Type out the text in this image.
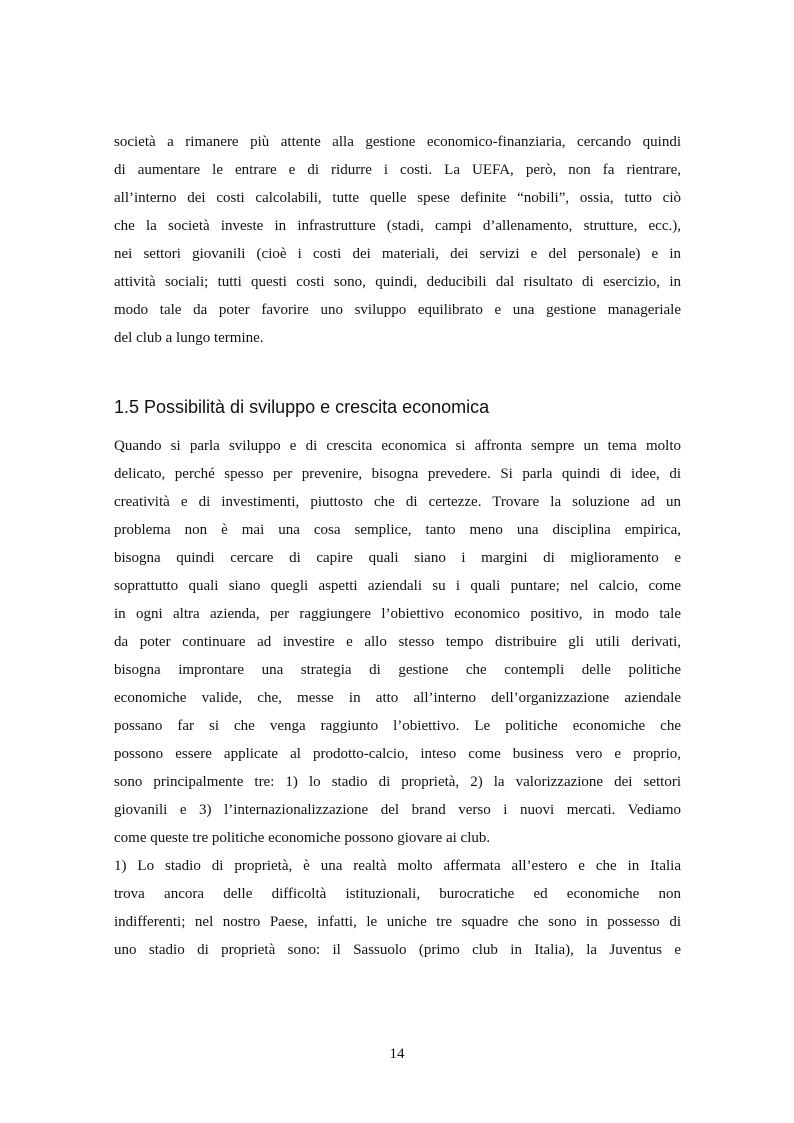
società a rimanere più attente alla gestione economico-finanziaria, cercando quindi
di aumentare le entrare e di ridurre i costi. La UEFA, però, non fa rientrare,
all’interno dei costi calcolabili, tutte quelle spese definite “nobili”, ossia, tutto ciò
che la società investe in infrastrutture (stadi, campi d’allenamento, strutture, ecc.),
nei settori giovanili (cioè i costi dei materiali, dei servizi e del personale) e in
attività sociali; tutti questi costi sono, quindi, deducibili dal risultato di esercizio, in
modo tale da poter favorire uno sviluppo equilibrato e una gestione manageriale
del club a lungo termine.

1.5 Possibilità di sviluppo e crescita economica

Quando si parla sviluppo e di crescita economica si affronta sempre un tema molto
delicato, perché spesso per prevenire, bisogna prevedere. Si parla quindi di idee, di
creatività e di investimenti, piuttosto che di certezze. Trovare la soluzione ad un
problema non è mai una cosa semplice, tanto meno una disciplina empirica,
bisogna quindi cercare di capire quali siano i margini di miglioramento e
soprattutto quali siano quegli aspetti aziendali su i quali puntare; nel calcio, come
in ogni altra azienda, per raggiungere l’obiettivo economico positivo, in modo tale
da poter continuare ad investire e allo stesso tempo distribuire gli utili derivati,
bisogna improntare una strategia di gestione che contempli delle politiche
economiche valide, che, messe in atto all’interno dell’organizzazione aziendale
possano far si che venga raggiunto l’obiettivo. Le politiche economiche che
possono essere applicate al prodotto-calcio, inteso come business vero e proprio,
sono principalmente tre: 1) lo stadio di proprietà, 2) la valorizzazione dei settori
giovanili e 3) l’internazionalizzazione del brand verso i nuovi mercati. Vediamo
come queste tre politiche economiche possono giovare ai club.

1) Lo stadio di proprietà, è una realtà molto affermata all’estero e che in Italia
trova ancora delle difficoltà istituzionali, burocratiche ed economiche non
indifferenti; nel nostro Paese, infatti, le uniche tre squadre che sono in possesso di
uno stadio di proprietà sono: il Sassuolo (primo club in Italia), la Juventus e

14
